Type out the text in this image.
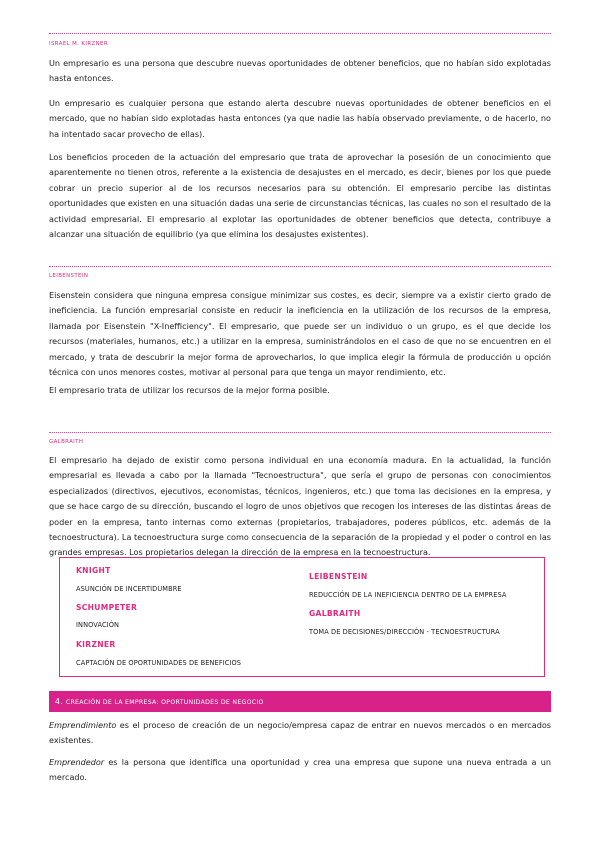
ISRAEL M. KIRZNER
Un empresario es una persona que descubre nuevas oportunidades de obtener beneficios, que no habían sido explotadas hasta entonces.
Un empresario es cualquier persona que estando alerta descubre nuevas oportunidades de obtener beneficios en el mercado, que no habían sido explotadas hasta entonces (ya que nadie las había observado previamente, o de hacerlo, no ha intentado sacar provecho de ellas).
Los beneficios proceden de la actuación del empresario que trata de aprovechar la posesión de un conocimiento que aparentemente no tienen otros, referente a la existencia de desajustes en el mercado, es decir, bienes por los que puede cobrar un precio superior al de los recursos necesarios para su obtención. El empresario percibe las distintas oportunidades que existen en una situación dadas una serie de circunstancias técnicas, las cuales no son el resultado de la actividad empresarial. El empresario al explotar las oportunidades de obtener beneficios que detecta, contribuye a alcanzar una situación de equilibrio (ya que elimina los desajustes existentes).
LEIBENSTEIN
Eisenstein considera que ninguna empresa consigue minimizar sus costes, es decir, siempre va a existir cierto grado de ineficiencia. La función empresarial consiste en reducir la ineficiencia en la utilización de los recursos de la empresa, llamada por Eisenstein "X-Inefficiency". El empresario, que puede ser un individuo o un grupo, es el que decide los recursos (materiales, humanos, etc.) a utilizar en la empresa, suministrándolos en el caso de que no se encuentren en el mercado, y trata de descubrir la mejor forma de aprovecharlos, lo que implica elegir la fórmula de producción u opción técnica con unos menores costes, motivar al personal para que tenga un mayor rendimiento, etc.
El empresario trata de utilizar los recursos de la mejor forma posible.
GALBRAITH
El empresario ha dejado de existir como persona individual en una economía madura. En la actualidad, la función empresarial es llevada a cabo por la llamada "Tecnoestructura", que sería el grupo de personas con conocimientos especializados (directivos, ejecutivos, economistas, técnicos, ingenieros, etc.) que toma las decisiones en la empresa, y que se hace cargo de su dirección, buscando el logro de unos objetivos que recogen los intereses de las distintas áreas de poder en la empresa, tanto internas como externas (propietarios, trabajadores, poderes públicos, etc. además de la tecnoestructura). La tecnoestructura surge como consecuencia de la separación de la propiedad y el poder o control en las grandes empresas. Los propietarios delegan la dirección de la empresa en la tecnoestructura.
KNIGHT
ASUNCIÓN DE INCERTIDUMBRE
SCHUMPETER
INNOVACIÓN
KIRZNER
CAPTACIÓN DE OPORTUNIDADES DE BENEFICIOS
LEIBENSTEIN
REDUCCIÓN DE LA INEFICIENCIA DENTRO DE LA EMPRESA
GALBRAITH
TOMA DE DECISIONES/DIRECCIÓN - TECNOESTRUCTURA
4. CREACIÓN DE LA EMPRESA: OPORTUNIDADES DE NEGOCIO
Emprendimiento es el proceso de creación de un negocio/empresa capaz de entrar en nuevos mercados o en mercados existentes.
Emprendedor es la persona que identifica una oportunidad y crea una empresa que supone una nueva entrada a un mercado.
